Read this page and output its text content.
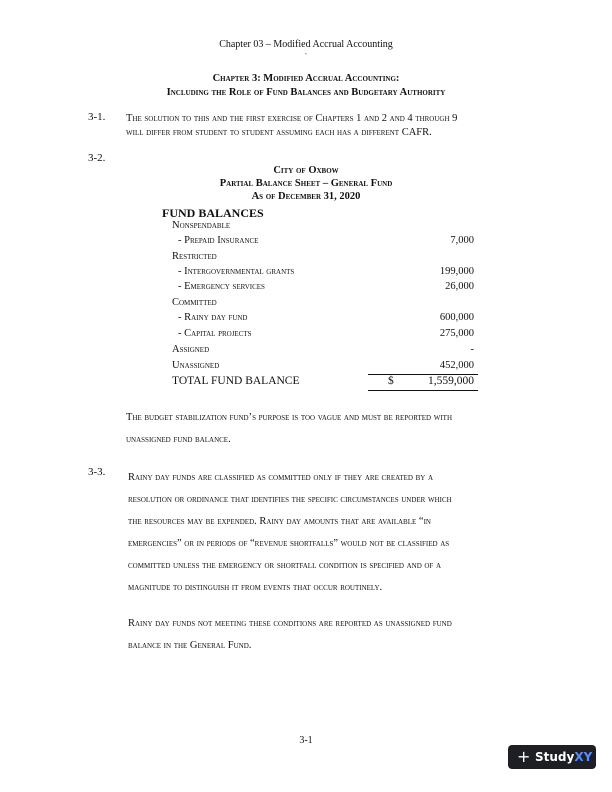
Chapter 03 – Modified Accrual Accounting
`
Chapter 3: Modified Accrual Accounting:
Including the Role of Fund Balances and Budgetary Authority
3-1. The solution to this and the first exercise of Chapters 1 and 2 and 4 through 9
will differ from student to student assuming each has a different CAFR.
3-2.
City of Oxbow
Partial Balance Sheet – General Fund
As of December 31, 2020
FUND BALANCES
Nonspendable
- Prepaid Insurance	7,000
Restricted
- Intergovernmental grants	199,000
- Emergency services	26,000
Committed
- Rainy day fund	600,000
- Capital projects	275,000
Assigned	-
Unassigned	452,000
TOTAL FUND BALANCE	$	1,559,000
The budget stabilization fund’s purpose is too vague and must be reported with
unassigned fund balance.
3-3. Rainy day funds are classified as committed only if they are created by a
resolution or ordinance that identifies the specific circumstances under which
the resources may be expended. Rainy day amounts that are available “in
emergencies” or in periods of “revenue shortfalls” would not be classified as
committed unless the emergency or shortfall condition is specified and of a
magnitude to distinguish it from events that occur routinely.
Rainy day funds not meeting these conditions are reported as unassigned fund
balance in the General Fund.
3-1
+ StudyXY
